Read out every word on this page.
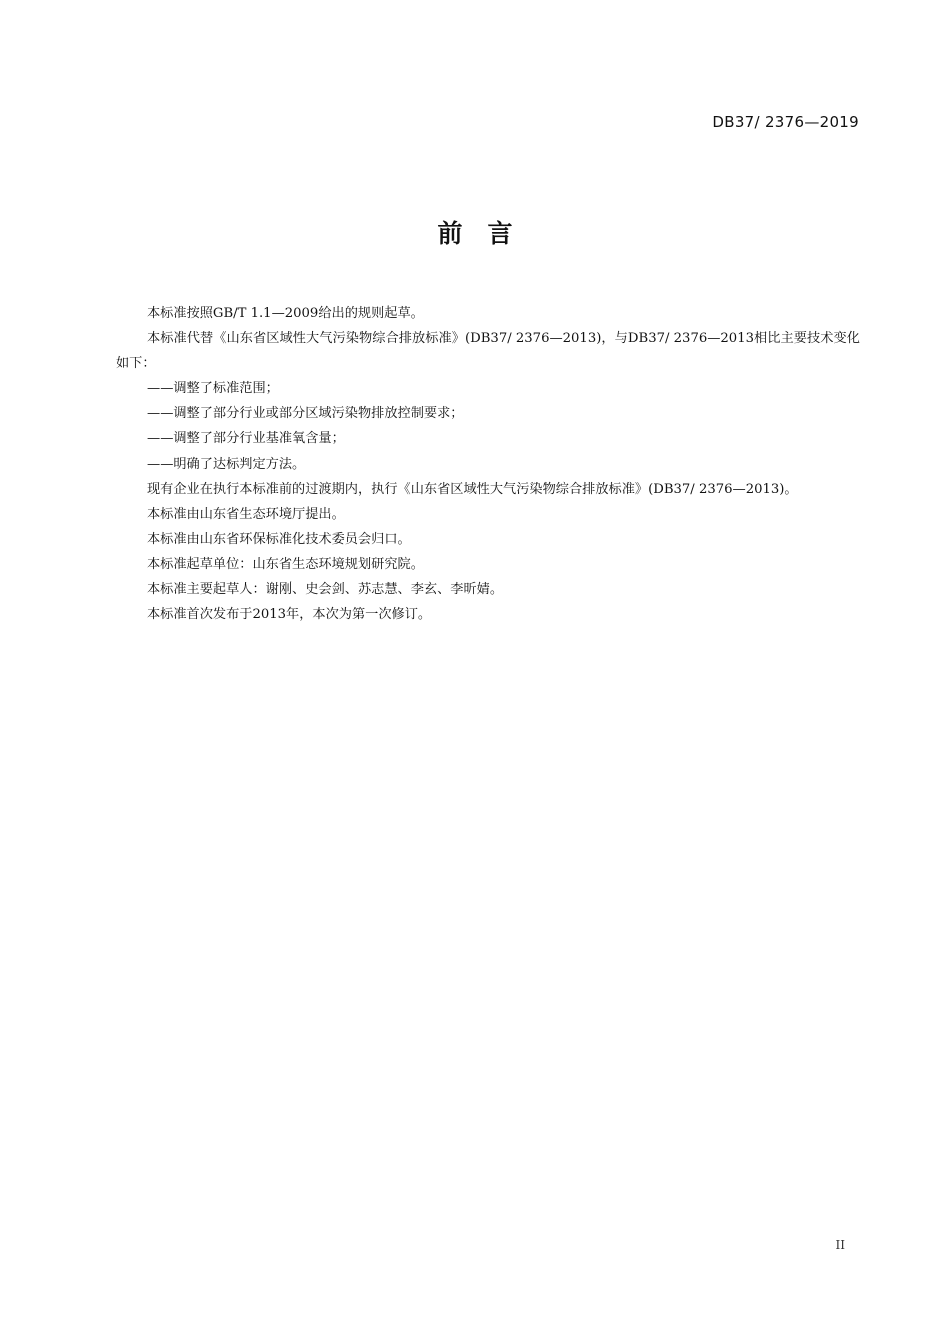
DB37/ 2376—2019
前　言

本标准按照GB/T 1.1—2009给出的规则起草。

本标准代替《山东省区域性大气污染物综合排放标准》(DB37/ 2376—2013)，与DB37/ 2376—2013相比主要技术变化如下：

——调整了标准范围；

——调整了部分行业或部分区域污染物排放控制要求；

——调整了部分行业基准氧含量；

——明确了达标判定方法。

现有企业在执行本标准前的过渡期内，执行《山东省区域性大气污染物综合排放标准》(DB37/ 2376—2013)。

本标准由山东省生态环境厅提出。

本标准由山东省环保标准化技术委员会归口。

本标准起草单位：山东省生态环境规划研究院。

本标准主要起草人：谢刚、史会剑、苏志慧、李玄、李昕婧。

本标准首次发布于2013年，本次为第一次修订。

II
